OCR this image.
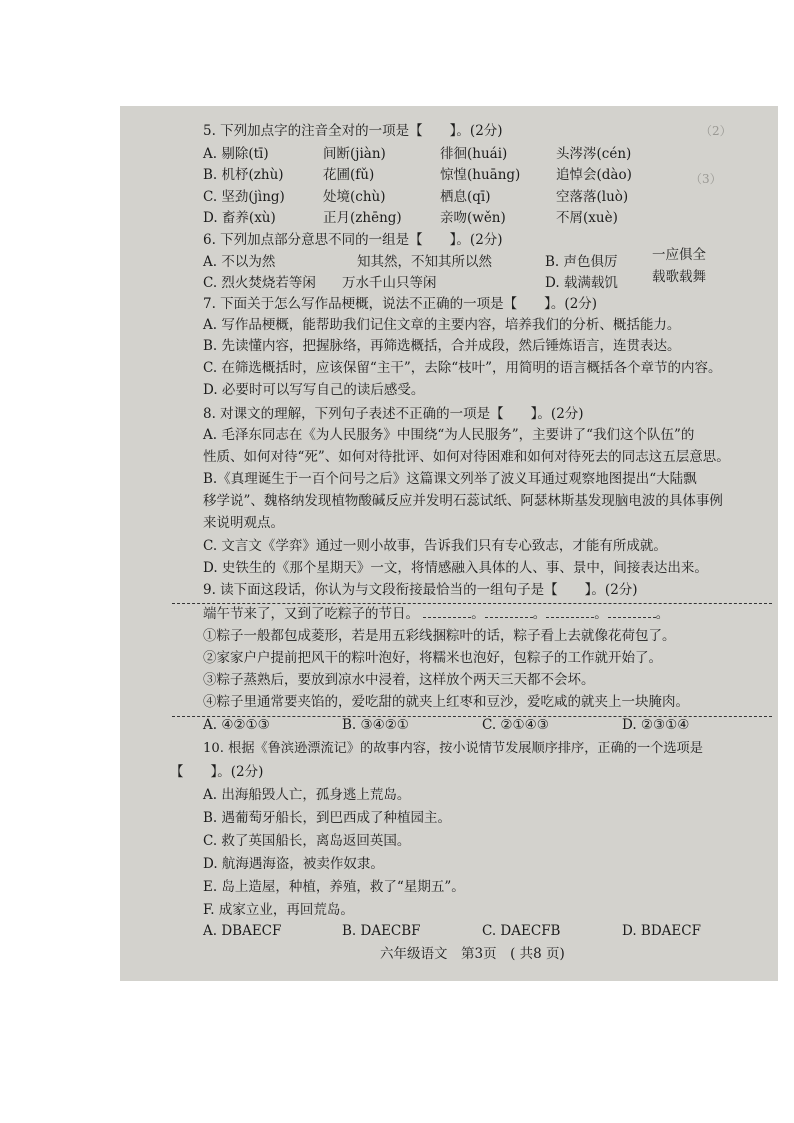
（2）
（3）
5. 下列加点字的注音全对的一项是【　　】。(2分)
A. 剔除(tī)	间断(jiàn)	徘徊(huái)	头涔涔(cén)
B. 机杼(zhù)	花圃(fǔ)	惊惶(huāng)	追悼会(dào)
C. 坚劲(jìng)	处境(chù)	栖息(qī)	空落落(luò)
D. 畜养(xù)	正月(zhēng)	亲吻(wěn)	不屑(xuè)
6. 下列加点部分意思不同的一组是【　　】。(2分)
A. 不以为然	知其然，不知其所以然	B. 声色俱厉	一应俱全
C. 烈火焚烧若等闲 万水千山只等闲	D. 载满载饥	载歌载舞
7. 下面关于怎么写作品梗概，说法不正确的一项是【　　】。(2分)
A. 写作品梗概，能帮助我们记住文章的主要内容，培养我们的分析、概括能力。
B. 先读懂内容，把握脉络，再筛选概括，合并成段，然后锤炼语言，连贯表达。
C. 在筛选概括时，应该保留“主干”，去除“枝叶”，用简明的语言概括各个章节的内容。
D. 必要时可以写写自己的读后感受。
8. 对课文的理解，下列句子表述不正确的一项是【　　】。(2分)
A. 毛泽东同志在《为人民服务》中围绕“为人民服务”，主要讲了“我们这个队伍”的
性质、如何对待“死”、如何对待批评、如何对待困难和如何对待死去的同志这五层意思。
B.《真理诞生于一百个问号之后》这篇课文列举了波义耳通过观察地图提出“大陆飘
移学说”、魏格纳发现植物酸碱反应并发明石蕊试纸、阿瑟林斯基发现脑电波的具体事例
来说明观点。
C. 文言文《学弈》通过一则小故事，告诉我们只有专心致志，才能有所成就。
D. 史铁生的《那个星期天》一文，将情感融入具体的人、事、景中，间接表达出来。
9. 读下面这段话，你认为与文段衔接最恰当的一组句子是【　　】。(2分)
端午节来了，又到了吃粽子的节日。	。	。	。	。
①粽子一般都包成菱形，若是用五彩线捆粽叶的话，粽子看上去就像花荷包了。
②家家户户提前把风干的粽叶泡好，将糯米也泡好，包粽子的工作就开始了。
③粽子蒸熟后，要放到凉水中浸着，这样放个两天三天都不会坏。
④粽子里通常要夹馅的，爱吃甜的就夹上红枣和豆沙，爱吃咸的就夹上一块腌肉。
A. ④②①③	B. ③④②①	C. ②①④③	D. ②③①④
10. 根据《鲁滨逊漂流记》的故事内容，按小说情节发展顺序排序，正确的一个选项是
【　　】。(2分)
A. 出海船毁人亡，孤身逃上荒岛。
B. 遇葡萄牙船长，到巴西成了种植园主。
C. 救了英国船长，离岛返回英国。
D. 航海遇海盗，被卖作奴隶。
E. 岛上造屋，种植，养殖，救了“星期五”。
F. 成家立业，再回荒岛。
A. DBAECF	B. DAECBF	C. DAECFB	D. BDAECF
六年级语文　第3页　( 共8 页)
